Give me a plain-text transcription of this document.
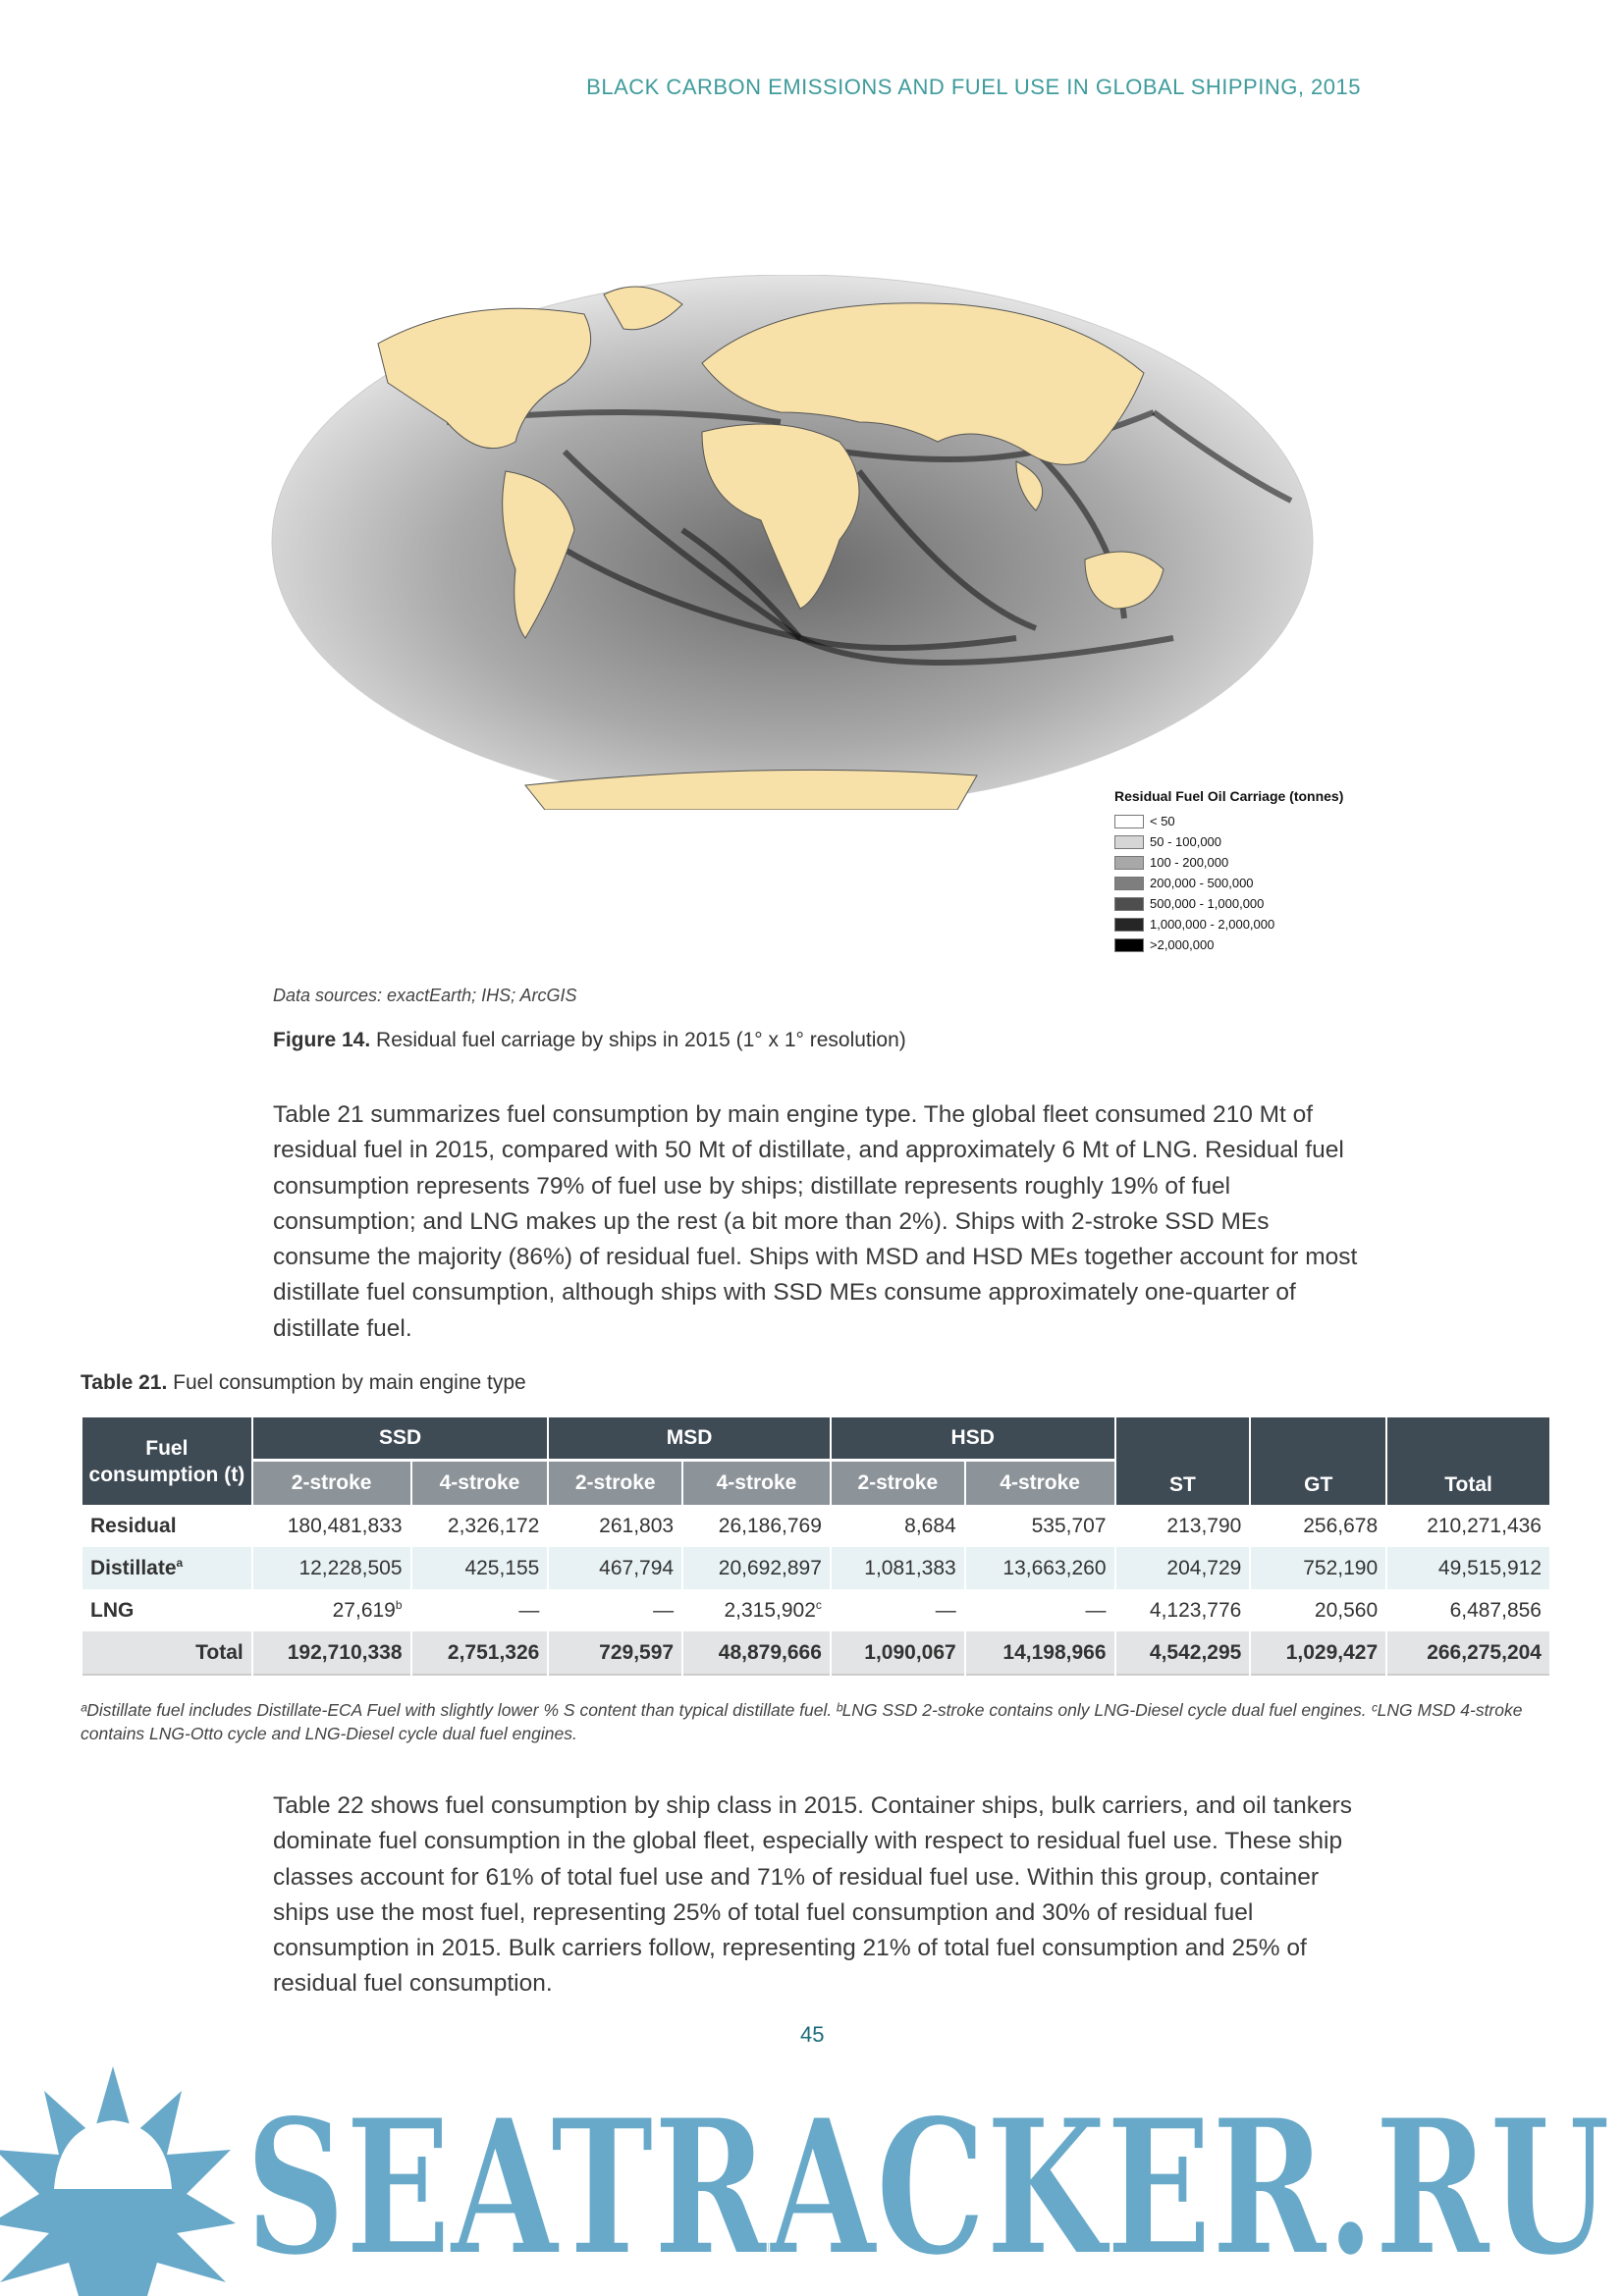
BLACK CARBON EMISSIONS AND FUEL USE IN GLOBAL SHIPPING, 2015
Residual Fuel Oil Carriage (tonnes)
< 50
50 - 100,000
100 - 200,000
200,000 - 500,000
500,000 - 1,000,000
1,000,000 - 2,000,000
>2,000,000
Data sources: exactEarth; IHS; ArcGIS
Figure 14. Residual fuel carriage by ships in 2015 (1° x 1° resolution)
Table 21 summarizes fuel consumption by main engine type. The global fleet consumed 210 Mt of residual fuel in 2015, compared with 50 Mt of distillate, and approximately 6 Mt of LNG. Residual fuel consumption represents 79% of fuel use by ships; distillate represents roughly 19% of fuel consumption; and LNG makes up the rest (a bit more than 2%). Ships with 2-stroke SSD MEs consume the majority (86%) of residual fuel. Ships with MSD and HSD MEs together account for most distillate fuel consumption, although ships with SSD MEs consume approximately one-quarter of distillate fuel.
Table 21. Fuel consumption by main engine type
Fuel consumption (t)	SSD		MSD		HSD		ST	GT	Total
	2-stroke	4-stroke	2-stroke	4-stroke	2-stroke	4-stroke			
Residual	180,481,833	2,326,172	261,803	26,186,769	8,684	535,707	213,790	256,678	210,271,436
Distillate$^a$	12,228,505	425,155	467,794	20,692,897	1,081,383	13,663,260	204,729	752,190	49,515,912
LNG	27,619$^b$	—	—	2,315,902$^c$	—	—	4,123,776	20,560	6,487,856
Total	192,710,338	2,751,326	729,597	48,879,666	1,090,067	14,198,966	4,542,295	1,029,427	266,275,204
ᵃDistillate fuel includes Distillate-ECA Fuel with slightly lower % S content than typical distillate fuel. ᵇLNG SSD 2-stroke contains only LNG-Diesel cycle dual fuel engines. ᶜLNG MSD 4-stroke contains LNG-Otto cycle and LNG-Diesel cycle dual fuel engines.
Table 22 shows fuel consumption by ship class in 2015. Container ships, bulk carriers, and oil tankers dominate fuel consumption in the global fleet, especially with respect to residual fuel use. These ship classes account for 61% of total fuel use and 71% of residual fuel use. Within this group, container ships use the most fuel, representing 25% of total fuel consumption and 30% of residual fuel consumption in 2015. Bulk carriers follow, representing 21% of total fuel consumption and 25% of residual fuel consumption.
SEATRACKER.RU
45
